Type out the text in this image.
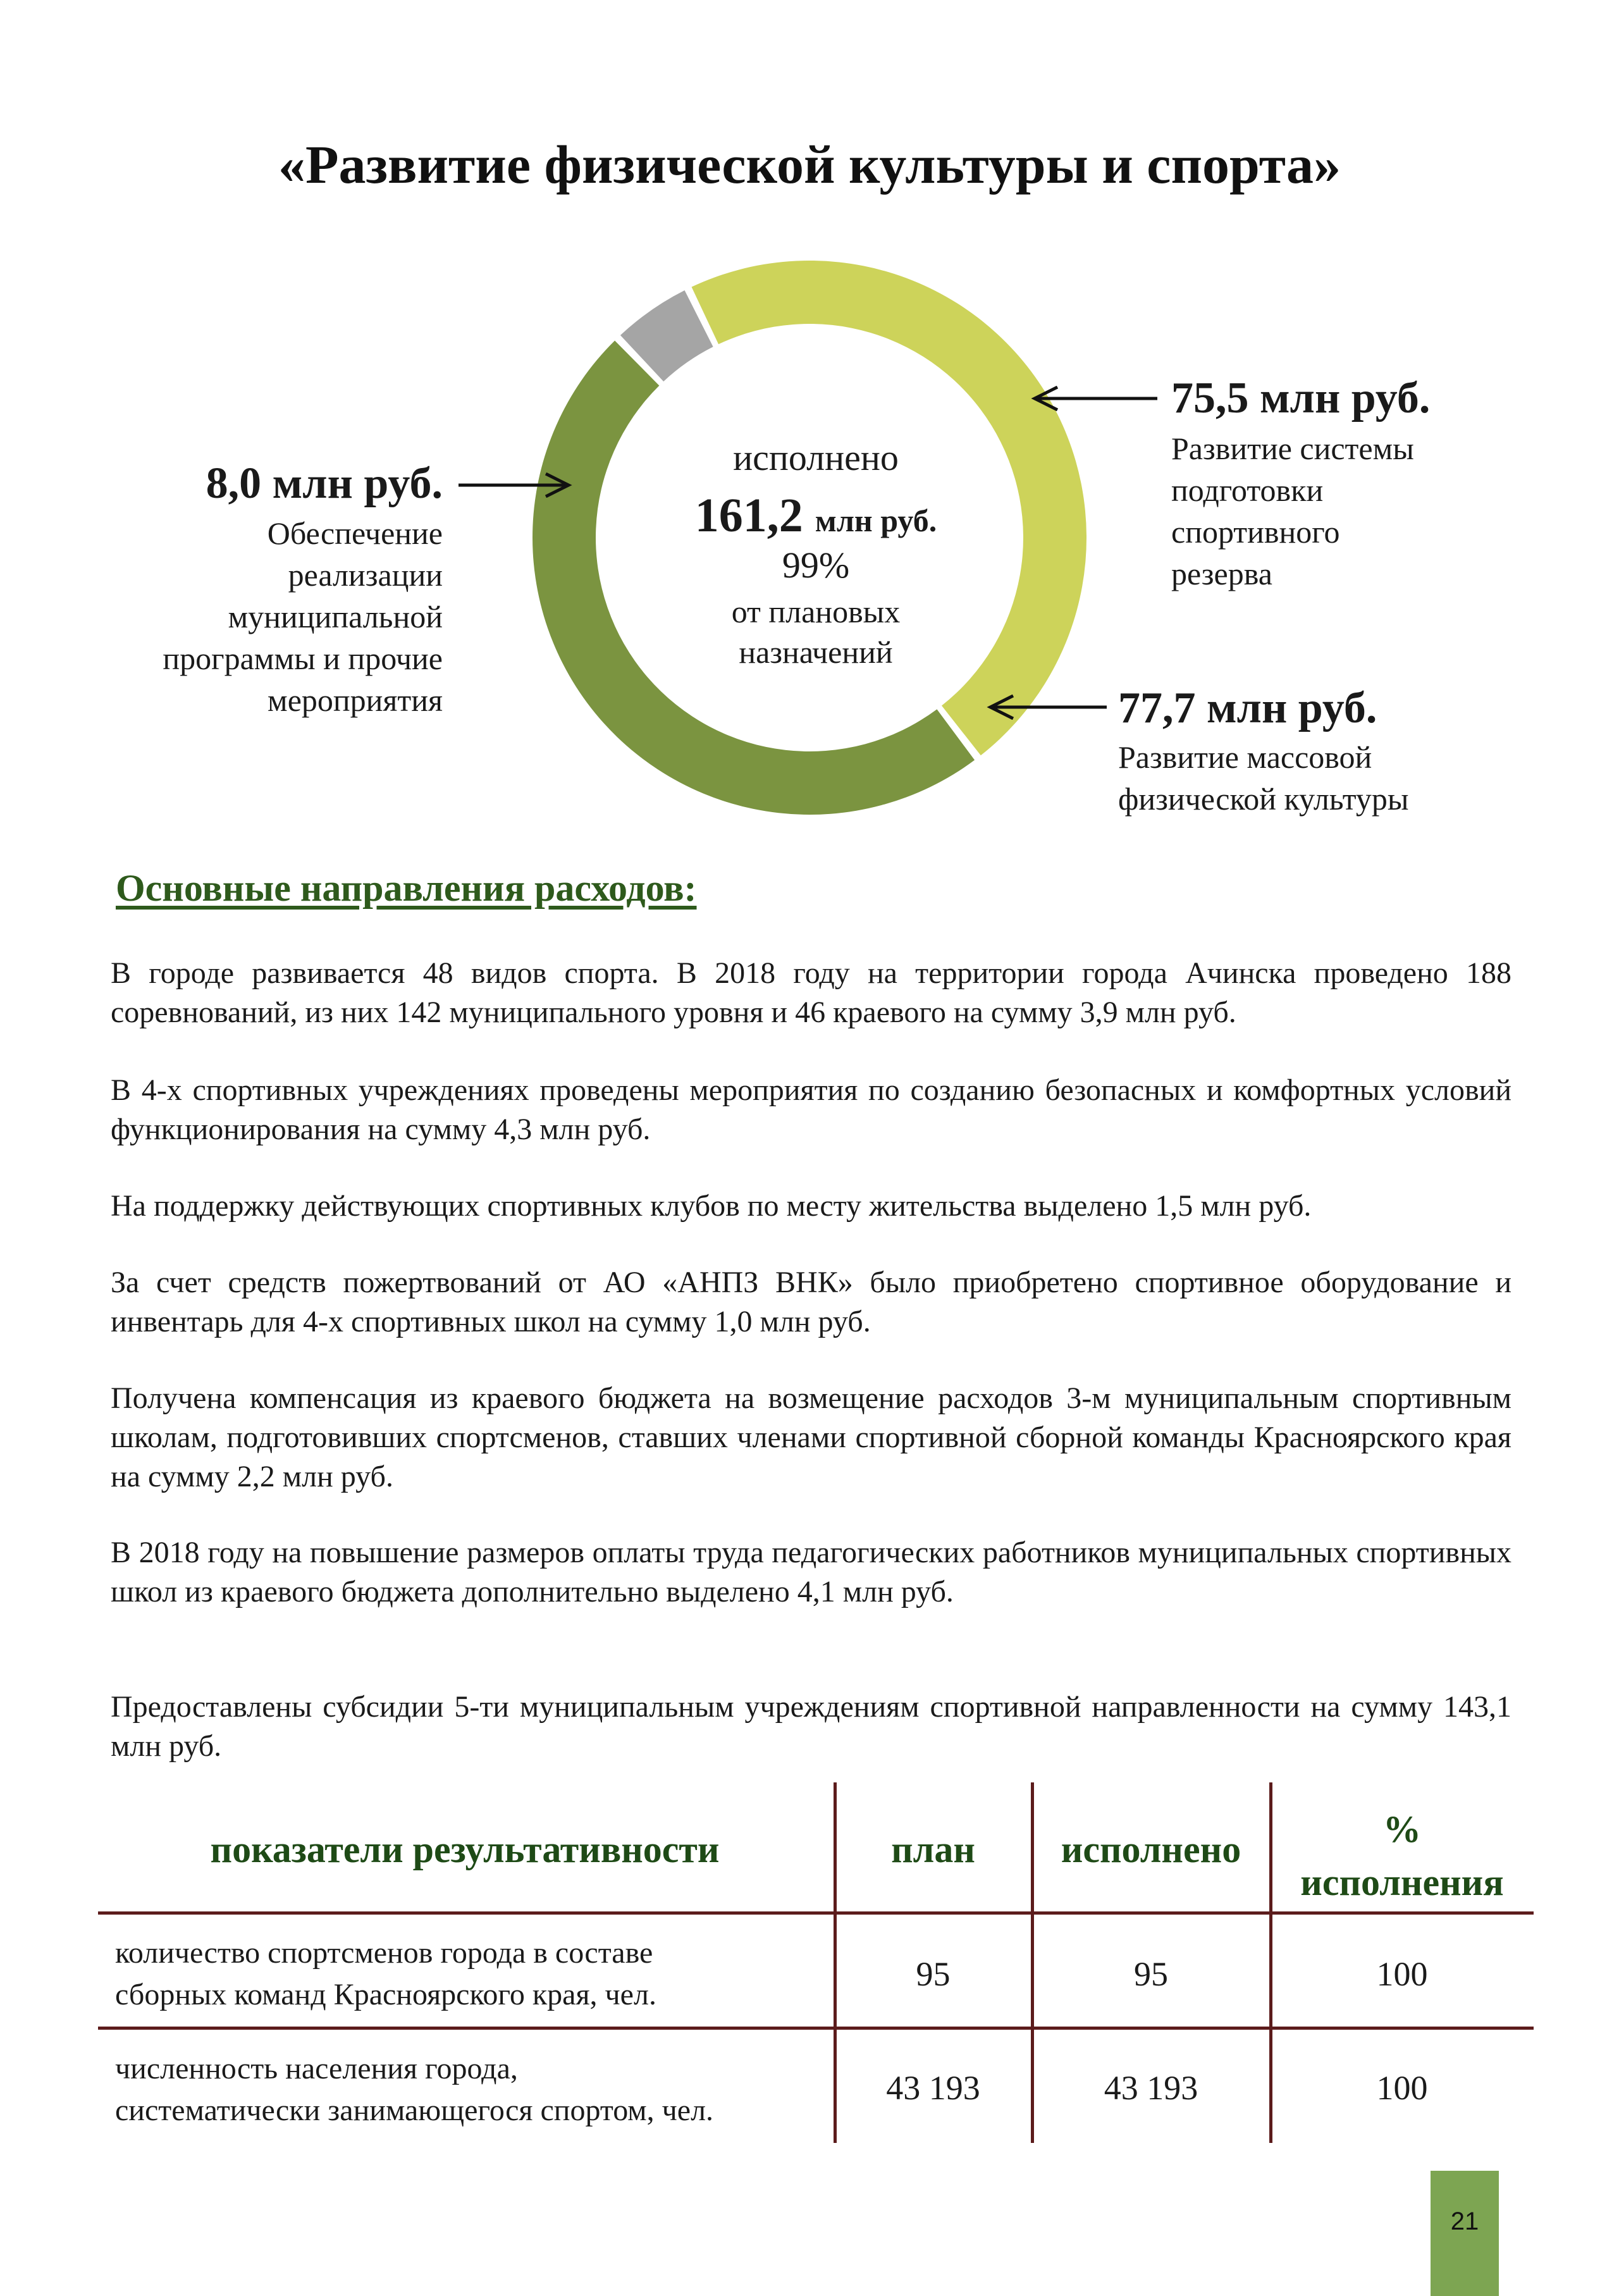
«Развитие физической культуры и спорта»
исполнено
161,2 млн руб.
99%
от плановых
назначений
75,5 млн руб.
Развитие системы
подготовки
спортивного
резерва
77,7 млн руб.
Развитие массовой
физической культуры
8,0 млн руб.
Обеспечение
реализации
муниципальной
программы и прочие
мероприятия
Основные направления расходов:
В городе развивается 48 видов спорта. В 2018 году на территории города Ачинска проведено 188 соревнований, из них 142 муниципального уровня и 46 краевого на сумму 3,9 млн руб.
В 4-х спортивных учреждениях проведены мероприятия по созданию безопасных и комфортных условий функционирования на сумму 4,3 млн руб.
На поддержку действующих спортивных клубов по месту жительства выделено 1,5 млн руб.
За счет средств пожертвований от АО «АНПЗ ВНК» было приобретено спортивное оборудование и инвентарь для 4-х спортивных школ на сумму 1,0 млн руб.
Получена компенсация из краевого бюджета на возмещение расходов 3-м муниципальным спортивным школам, подготовивших спортсменов, ставших членами спортивной сборной команды Красноярского края на сумму 2,2 млн руб.
В 2018 году на повышение размеров оплаты труда педагогических работников муниципальных спортивных школ из краевого бюджета дополнительно выделено 4,1 млн руб.
Предоставлены субсидии 5-ти муниципальным учреждениям спортивной направленности на сумму 143,1 млн руб.
показатели результативности	план	исполнено	%
исполнения
количество спортсменов города в составе
сборных команд Красноярского края, чел.
95	95	100
численность населения города,
систематически занимающегося спортом, чел.
43 193	43 193	100
21
